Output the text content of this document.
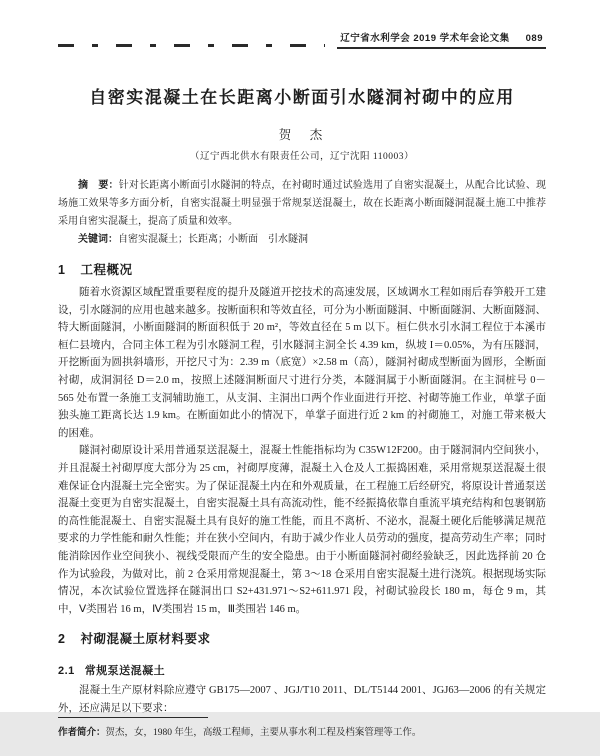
辽宁省水利学会 2019 学术年会论文集 089
自密实混凝土在长距离小断面引水隧洞衬砌中的应用
贺　杰
（辽宁西北供水有限责任公司，辽宁沈阳 110003）

摘　要：针对长距离小断面引水隧洞的特点，在衬砌时通过试验选用了自密实混凝土，从配合比试验、现场施工效果等多方面分析，自密实混凝土明显强于常规泵送混凝土，故在长距离小断面隧洞混凝土施工中推荐采用自密实混凝土，提高了质量和效率。

关键词：自密实混凝土；长距离；小断面　引水隧洞

1 工程概况

随着水资源区域配置重要程度的提升及隧道开挖技术的高速发展，区域调水工程如雨后春笋般开工建设，引水隧洞的应用也越来越多。按断面积和等效直径，可分为小断面隧洞、中断面隧洞、大断面隧洞、特大断面隧洞，小断面隧洞的断面积低于 20 m²，等效直径在 5 m 以下。桓仁供水引水洞工程位于本溪市桓仁县境内，合同主体工程为引水隧洞工程，引水隧洞主洞全长 4.39 km，纵坡 I＝0.05%，为有压隧洞，开挖断面为圆拱斜墙形，开挖尺寸为：2.39 m（底宽）×2.58 m（高），隧洞衬砌成型断面为圆形，全断面衬砌，成洞洞径 D＝2.0 m，按照上述隧洞断面尺寸进行分类，本隧洞属于小断面隧洞。在主洞桩号 0－565 处布置一条施工支洞辅助施工，从支洞、主洞出口两个作业面进行开挖、衬砌等施工作业，单掌子面独头施工距离长达 1.9 km。在断面如此小的情况下，单掌子面进行近 2 km 的衬砌施工，对施工带来极大的困难。

隧洞衬砌原设计采用普通泵送混凝土，混凝土性能指标均为 C35W12F200。由于隧洞洞内空间狭小，并且混凝土衬砌厚度大部分为 25 cm，衬砌厚度薄，混凝土入仓及人工振捣困难，采用常规泵送混凝土很难保证仓内混凝土完全密实。为了保证混凝土内在和外观质量，在工程施工后经研究，将原设计普通泵送混凝土变更为自密实混凝土，自密实混凝土具有高流动性，能不经振捣依靠自重流平填充结构和包裹钢筋的高性能混凝土、自密实混凝土具有良好的施工性能，而且不离析、不泌水，混凝土硬化后能够满足规范要求的力学性能和耐久性能；并在狭小空间内，有助于减少作业人员劳动的强度，提高劳动生产率；同时能消除因作业空间狭小、视线受限而产生的安全隐患。由于小断面隧洞衬砌经验缺乏，因此选择前 20 仓作为试验段，为做对比，前 2 仓采用常规混凝土，第 3～18 仓采用自密实混凝土进行浇筑。根据现场实际情况，本次试验位置选择在隧洞出口 S2+431.971～S2+611.971 段，衬砌试验段长 180 m，每仓 9 m，其中，Ⅴ类围岩 16 m，Ⅳ类围岩 15 m，Ⅲ类围岩 146 m。

2 衬砌混凝土原材料要求
2.1 常规泵送混凝土

混凝土生产原材料除应遵守 GB175—2007 、JGJ/T10 2011、DL/T5144 2001、JGJ63—2006 的有关规定外，还应满足以下要求：

作者简介：贺杰，女，1980 年生，高级工程师，主要从事水利工程及档案管理等工作。
